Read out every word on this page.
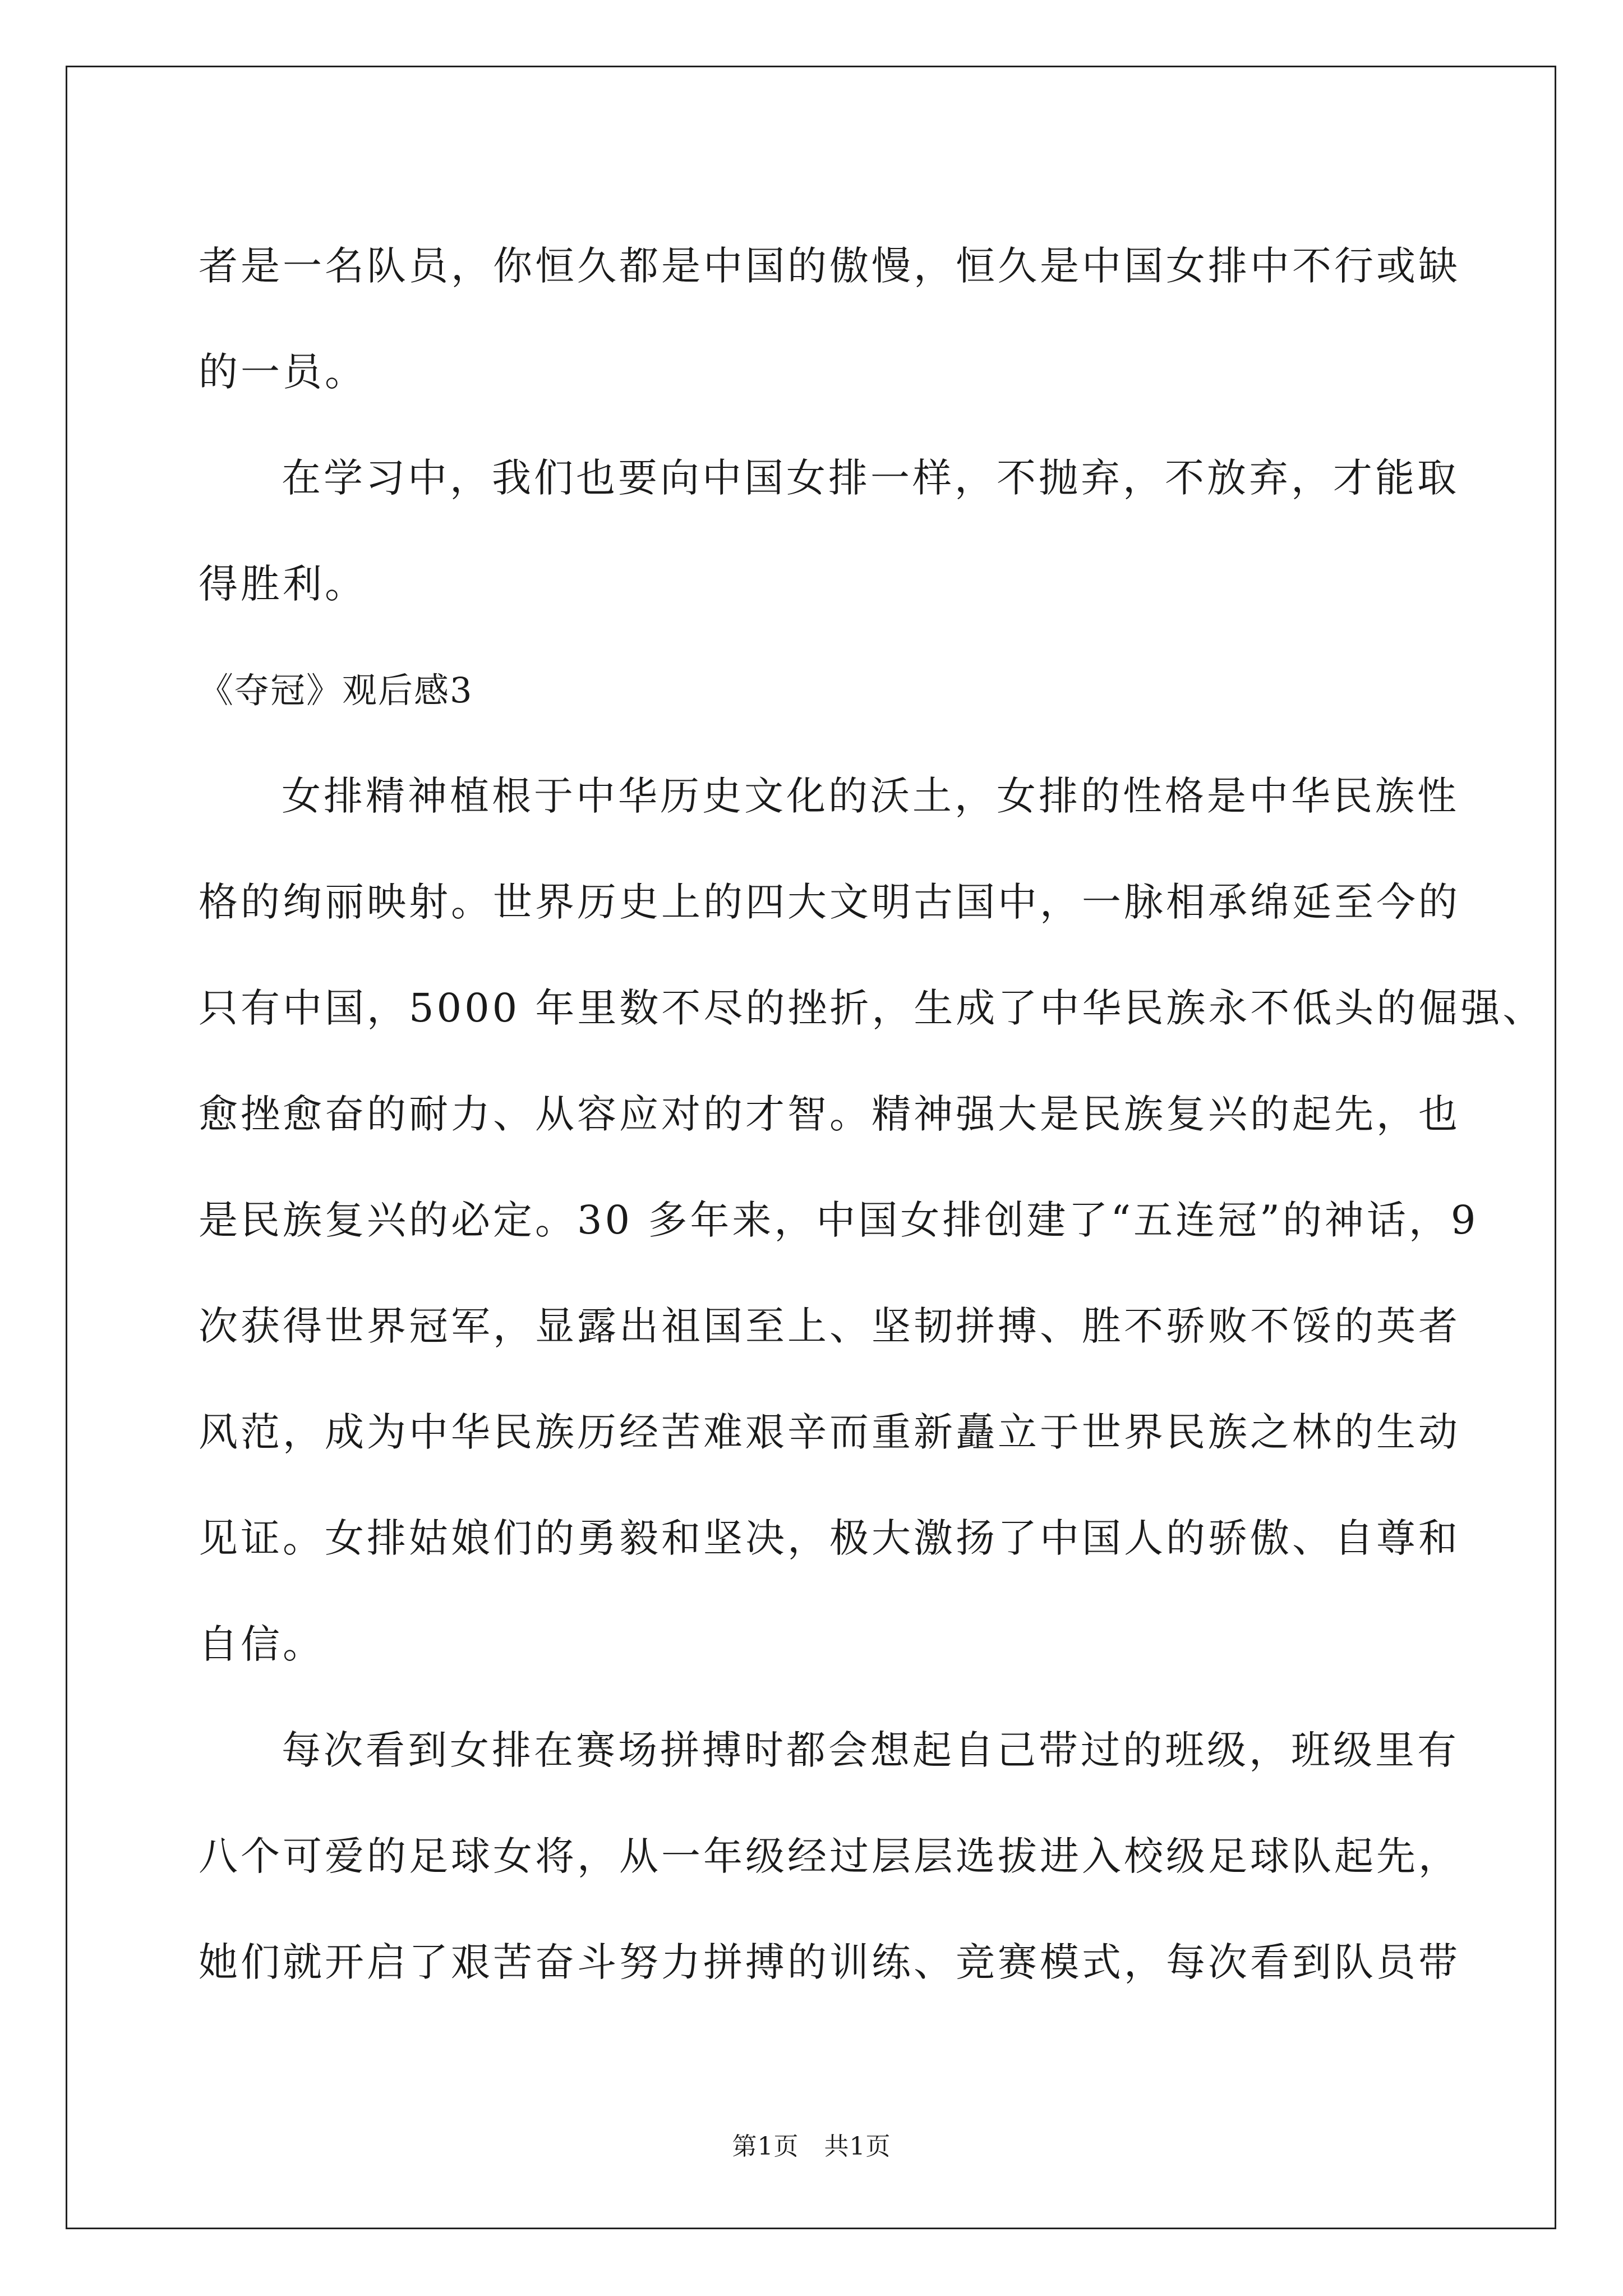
者是一名队员，你恒久都是中国的傲慢，恒久是中国女排中不行或缺
的一员。
在学习中，我们也要向中国女排一样，不抛弃，不放弃，才能取
得胜利。
《夺冠》观后感3
女排精神植根于中华历史文化的沃土，女排的性格是中华民族性
格的绚丽映射。世界历史上的四大文明古国中，一脉相承绵延至今的
只有中国，5000 年里数不尽的挫折，生成了中华民族永不低头的倔强、
愈挫愈奋的耐力、从容应对的才智。精神强大是民族复兴的起先，也
是民族复兴的必定。30 多年来，中国女排创建了“五连冠”的神话，9
次获得世界冠军，显露出祖国至上、坚韧拼搏、胜不骄败不馁的英者
风范，成为中华民族历经苦难艰辛而重新矗立于世界民族之林的生动
见证。女排姑娘们的勇毅和坚决，极大激扬了中国人的骄傲、自尊和
自信。
每次看到女排在赛场拼搏时都会想起自己带过的班级，班级里有
八个可爱的足球女将，从一年级经过层层选拔进入校级足球队起先，
她们就开启了艰苦奋斗努力拼搏的训练、竞赛模式，每次看到队员带
第1页   共1页
